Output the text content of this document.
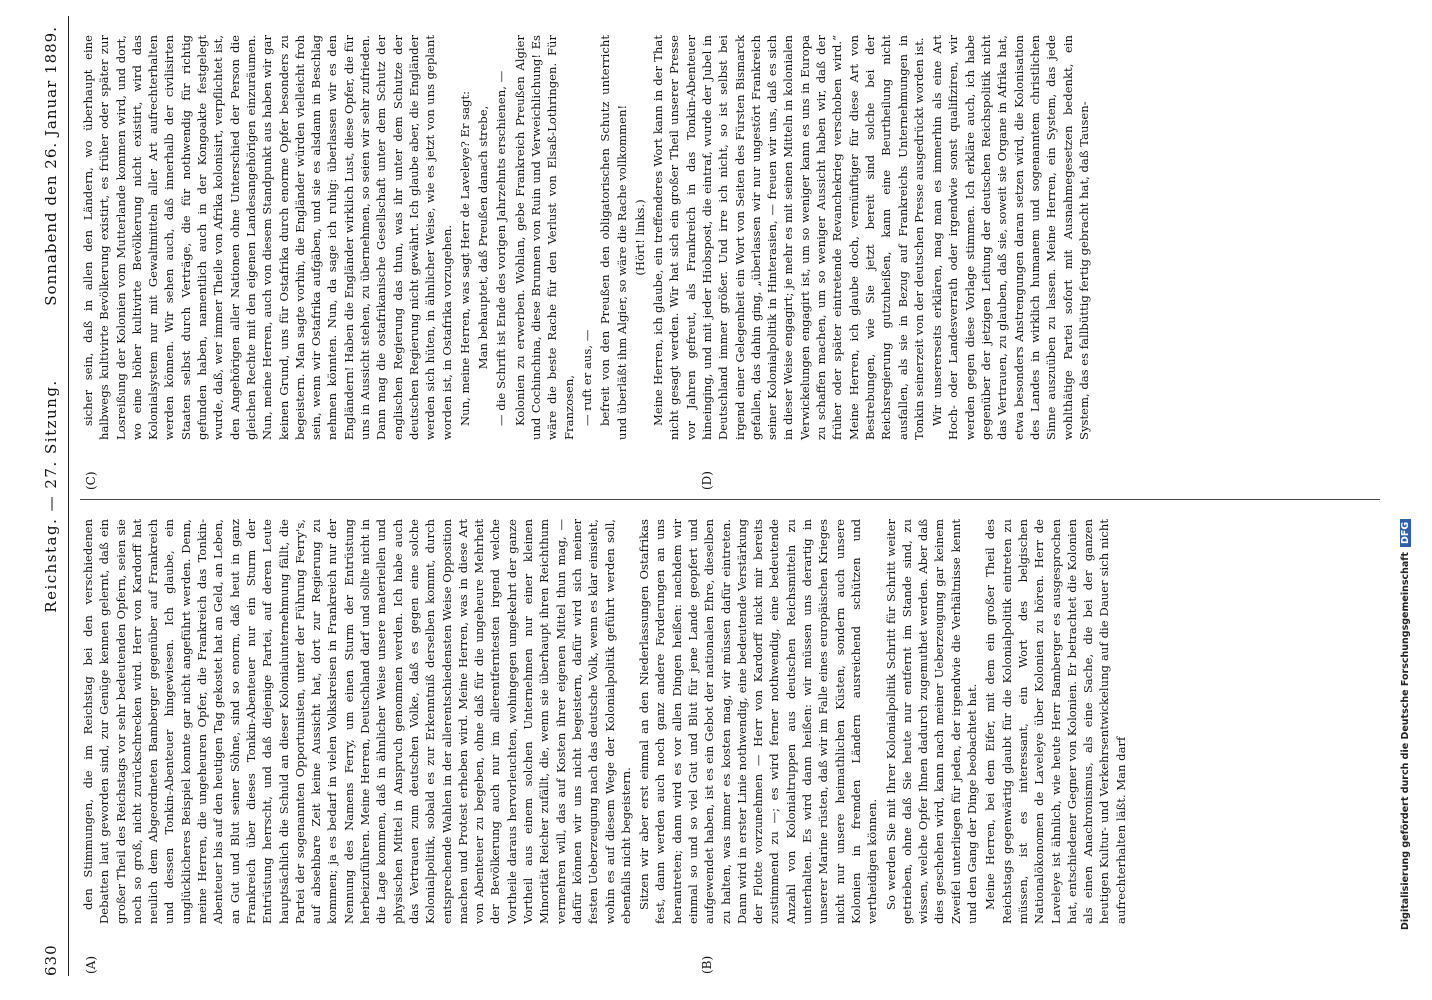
630
Reichstag. — 27. Sitzung.
Sonnabend den 26. Januar 1889.
(A)	(B)
(C)	(D)

den Stimmungen, die im Reichstag bei den verschiedenen Debatten laut geworden sind, zur Genüge kennen gelernt, daß ein großer Theil des Reichstags vor sehr bedeutenden Opfern, seien sie noch so groß, nicht zurückschrecken wird. Herr von Kardorff hat neulich dem Abgeordneten Bamberger gegenüber auf Frankreich und dessen Tonkin-Abenteuer hingewiesen. Ich glaube, ein unglücklicheres Beispiel konnte gar nicht angeführt werden. Denn, meine Herren, die ungeheuren Opfer, die Frankreich das Tonkin-Abenteuer bis auf den heutigen Tag gekostet hat an Geld, an Leben, an Gut und Blut seiner Söhne, sind so enorm, daß heut in ganz Frankreich über dieses Tonkin-Abenteuer nur ein Sturm der Entrüstung herrscht, und daß diejenige Partei, auf deren Leute hauptsächlich die Schuld an dieser Kolonialunternehmung fällt, die Partei der sogenannten Opportunisten, unter der Führung Ferry's, auf absehbare Zeit keine Aussicht hat, dort zur Regierung zu kommen; ja es bedarf in vielen Volkskreisen in Frankreich nur der Nennung des Namens Ferry, um einen Sturm der Entrüstung herbeizuführen. Meine Herren, Deutschland darf und sollte nicht in die Lage kommen, daß in ähnlicher Weise unsere materiellen und physischen Mittel in Anspruch genommen werden. Ich habe auch das Vertrauen zum deutschen Volke, daß es gegen eine solche Kolonialpolitik, sobald es zur Erkenntniß derselben kommt, durch entsprechende Wahlen in der allerentschiedensten Weise Opposition machen und Protest erheben wird. Meine Herren, was in diese Art von Abenteuer zu begeben, ohne daß für die ungeheure Mehrheit der Bevölkerung auch nur im allerentferntesten irgend welche Vortheile daraus hervorleuchten, wohingegen umgekehrt der ganze Vortheil aus einem solchen Unternehmen nur einer kleinen Minorität Reicher zufällt, die, wenn sie überhaupt ihren Reichthum vermehren will, das auf Kosten ihrer eigenen Mittel thun mag, — dafür können wir uns nicht begeistern, dafür wird sich meiner festen Ueberzeugung nach das deutsche Volk, wenn es klar einsieht, wohin es auf diesem Wege der Kolonialpolitik geführt werden soll, ebenfalls nicht begeistern. Sitzen wir aber erst einmal an den Niederlassungen Ostafrikas fest, dann werden auch noch ganz andere Forderungen an uns herantreten; dann wird es vor allen Dingen heißen: nachdem wir einmal so und so viel Gut und Blut für jene Lande geopfert und aufgewendet haben, ist es ein Gebot der nationalen Ehre, dieselben zu halten, was immer es kosten mag, wir müssen dafür eintreten. Dann wird in erster Linie nothwendig, eine bedeutende Verstärkung der Flotte vorzunehmen — Herr von Kardorff nickt mir bereits zustimmend zu —; es wird ferner nothwendig, eine bedeutende Anzahl von Kolonialtruppen aus deutschen Reichsmitteln zu unterhalten. Es wird dann heißen: wir müssen uns derartig in unserer Marine rüsten, daß wir im Falle eines europäischen Krieges nicht nur unsere heimathlichen Küsten, sondern auch unsere Kolonien in fremden Ländern ausreichend schützen und vertheidigen können. So werden Sie mit Ihrer Kolonialpolitik Schritt für Schritt weiter getrieben, ohne daß Sie heute nur entfernt im Stande sind, zu wissen, welche Opfer Ihnen dadurch zugemuthet werden. Aber daß dies geschehen wird, kann nach meiner Ueberzeugung gar keinem Zweifel unterliegen für jeden, der irgendwie die Verhältnisse kennt und den Gang der Dinge beobachtet hat. Meine Herren, bei dem Eifer, mit dem ein großer Theil des Reichstags gegenwärtig glaubt für die Kolonialpolitik eintreten zu müssen, ist es interessant, ein Wort des belgischen Nationalökonomen de Laveleye über Kolonien zu hören. Herr de Laveleye ist ähnlich, wie heute Herr Bamberger es ausgesprochen hat, entschiedener Gegner von Kolonien. Er betrachtet die Kolonien als einen Anachronismus, als eine Sache, die bei der ganzen heutigen Kultur- und Verkehrsentwickelung auf die Dauer sich nicht aufrechterhalten läßt. Man darf

sicher sein, daß in allen den Ländern, wo überhaupt eine halbwegs kultivirte Bevölkerung existirt, es früher oder später zur Losreißung der Kolonien vom Mutterlande kommen wird, und dort, wo eine höher kultivirte Bevölkerung nicht existirt, wird das Kolonialsystem nur mit Gewaltmitteln aller Art aufrechterhalten werden können. Wir sehen auch, daß innerhalb der civilisirten Staaten selbst durch Verträge, die für nothwendig für richtig gefunden haben, namentlich auch in der Kongoakte festgelegt wurde, daß, wer immer Theile von Afrika kolonisirt, verpflichtet ist, den Angehörigen aller Nationen ohne Unterschied der Person die gleichen Rechte mit den eigenen Landesangehörigen einzuräumen. Nun, meine Herren, auch von diesem Standpunkt aus haben wir gar keinen Grund, uns für Ostafrika durch enorme Opfer besonders zu begeistern. Man sagte vorhin, die Engländer würden vielleicht froh sein, wenn wir Ostafrika aufgäben, und sie es alsdann in Beschlag nehmen könnten. Nun, da sage ich ruhig: überlassen wir es den Engländern! Haben die Engländer wirklich Lust, diese Opfer, die für uns in Aussicht stehen, zu übernehmen, so seien wir sehr zufrieden. Dann mag die ostafrikanische Gesellschaft unter dem Schutz der englischen Regierung das thun, was ihr unter dem Schutze der deutschen Regierung nicht gewährt. Ich glaube aber, die Engländer werden sich hüten, in ähnlicher Weise, wie es jetzt von uns geplant worden ist, in Ostafrika vorzugehen. Nun, meine Herren, was sagt Herr de Laveleye? Er sagt: Man behauptet, daß Preußen danach strebe, — die Schrift ist Ende des vorigen Jahrzehnts erschienen, — Kolonien zu erwerben. Wohlan, gebe Frankreich Preußen Algier und Cochinchina, diese Brunnen von Ruin und Verweichlichung! Es wäre die beste Rache für den Verlust von Elsaß-Lothringen. Für Franzosen, — ruft er aus, — befreit von den Preußen den obligatorischen Schutz unterricht und überläßt ihm Algier, so wäre die Rache vollkommen! (Hört! links.) Meine Herren, ich glaube, ein treffenderes Wort kann in der That nicht gesagt werden. Wir hat sich ein großer Theil unserer Presse vor Jahren gefreut, als Frankreich in das Tonkin-Abenteuer hineinging, und mit jeder Hiobspost, die eintraf, wurde der Jubel in Deutschland immer größer. Und irre ich nicht, so ist selbst bei irgend einer Gelegenheit ein Wort von Seiten des Fürsten Bismarck gefallen, das dahin ging, „überlassen wir nur ungestört Frankreich seiner Kolonialpolitik in Hinterasien, — freuen wir uns, daß es sich in dieser Weise engagirt; je mehr es mit seinen Mitteln in kolonialen Verwickelungen engagirt ist, um so weniger kann es uns in Europa zu schaffen machen, um so weniger Aussicht haben wir, daß der früher oder später eintretende Revanchekrieg verschoben wird.“ Meine Herren, ich glaube doch, vernünftiger für diese Art von Bestrebungen, wie Sie jetzt bereit sind solche bei der Reichsregierung gutzuheißen, kann eine Beurtheilung nicht ausfallen, als sie in Bezug auf Frankreichs Unternehmungen in Tonkin seinerzeit von der deutschen Presse ausgedrückt worden ist. Wir unsererseits erklären, mag man es immerhin als eine Art Hoch- oder Landesverrath oder irgendwie sonst qualifiziren, wir werden gegen diese Vorlage stimmen. Ich erkläre auch, ich habe gegenüber der jetzigen Leitung der deutschen Reichspolitik nicht das Vertrauen, zu glauben, daß sie, soweit sie Organe in Afrika hat, etwa besonders Anstrengungen daran setzen wird, die Kolonisation des Landes in wirklich humanem und sogenanntem christlichen Sinne auszuüben zu lassen. Meine Herren, ein System, das jede wohlthätige Partei sofort mit Ausnahmegesetzen bedenkt, ein System, das es fallbüttig fertig gebracht hat, daß Tausen-

Digitalisierung gefördert durch die Deutsche ForschungsgemeinschaftDFG
